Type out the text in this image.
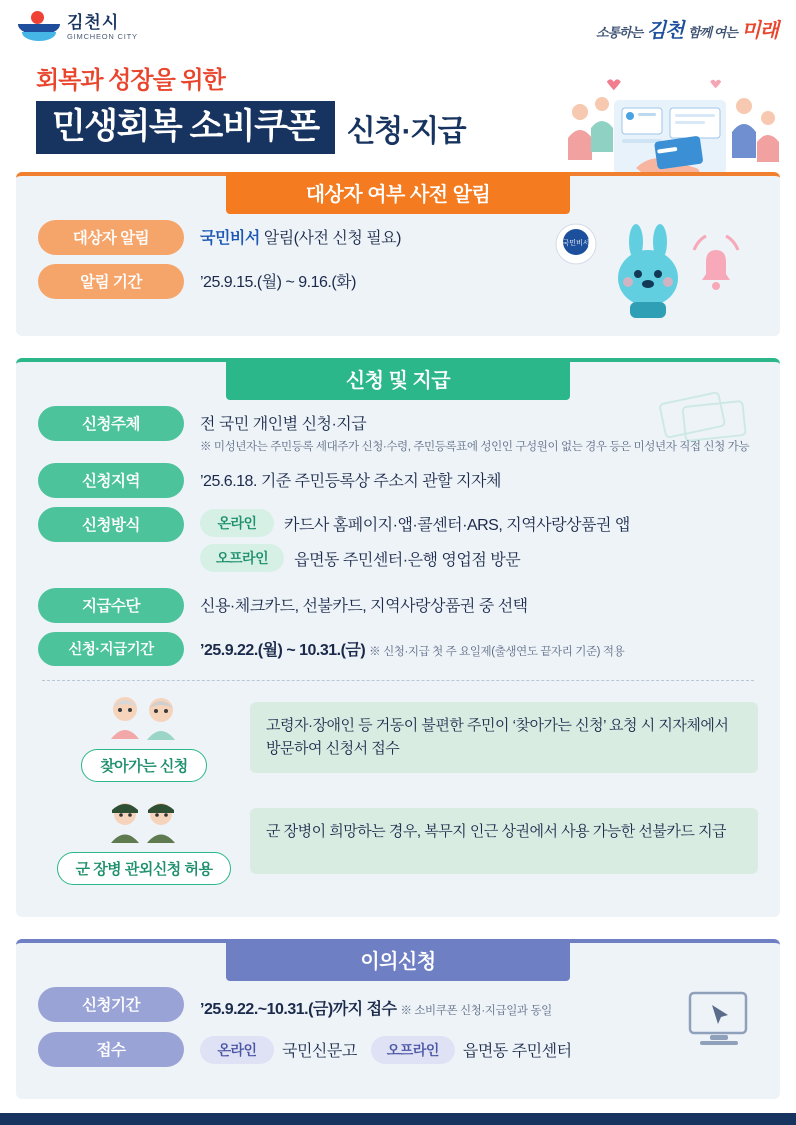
김천시
GIMCHEON CITY	소통하는 김천 함께 여는 미래
회복과 성장을 위한
민생회복 소비쿠폰 신청·지급
대상자 여부 사전 알림
대상자 알림	국민비서 알림(사전 신청 필요)
알림 기간	’25.9.15.(월) ~ 9.16.(화)
국민비서
신청 및 지급
신청주체	전 국민 개인별 신청·지급
※ 미성년자는 주민등록 세대주가 신청·수령, 주민등록표에 성인인 구성원이 없는 경우 등은 미성년자 직접 신청 가능
신청지역	’25.6.18. 기준 주민등록상 주소지 관할 지자체
신청방식	온라인	카드사 홈페이지·앱·콜센터·ARS, 지역사랑상품권 앱
오프라인	읍면동 주민센터·은행 영업점 방문
지급수단	신용·체크카드, 선불카드, 지역사랑상품권 중 선택
신청·지급기간	’25.9.22.(월) ~ 10.31.(금) ※ 신청·지급 첫 주 요일제(출생연도 끝자리 기준) 적용
찾아가는 신청
고령자·장애인 등 거동이 불편한 주민이 ‘찾아가는 신청’ 요청 시 지자체에서 방문하여 신청서 접수
군 장병 관외신청 허용
군 장병이 희망하는 경우, 복무지 인근 상권에서 사용 가능한 선불카드 지급
이의신청
신청기간	’25.9.22.~10.31.(금)까지 접수 ※ 소비쿠폰 신청·지급일과 동일
접수	온라인	국민신문고	오프라인	읍면동 주민센터
